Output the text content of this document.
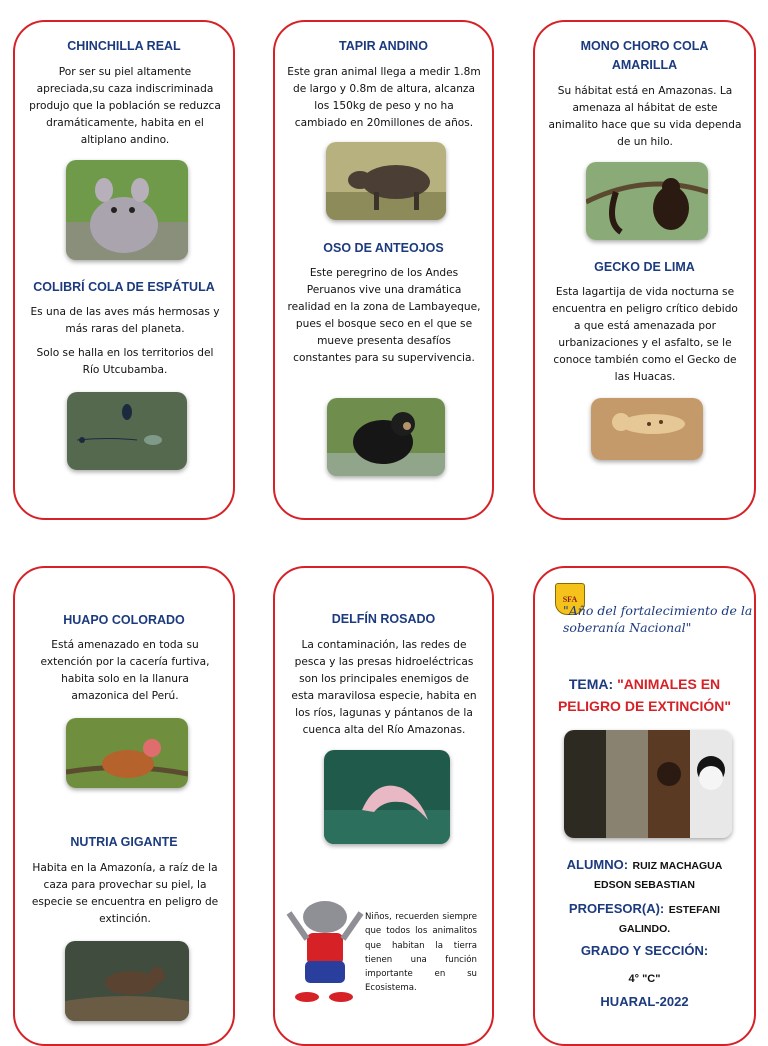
CHINCHILLA REAL
Por ser su piel altamente apreciada,su caza indiscriminada produjo que la población se reduzca dramáticamente, habita en el altiplano andino.
COLIBRÍ COLA DE ESPÁTULA
Es una de las aves más hermosas y más raras del planeta.
Solo se halla en los territorios del Río Utcubamba.
TAPIR ANDINO
Este gran animal llega a medir 1.8m de largo y 0.8m de altura, alcanza los 150kg de peso y no ha cambiado en 20millones de años.
OSO DE ANTEOJOS
Este peregrino de los Andes Peruanos vive una dramática realidad en la zona de Lambayeque, pues el bosque seco en el que se mueve presenta desafíos constantes para su supervivencia.
MONO CHORO COLA AMARILLA
Su hábitat está en Amazonas. La amenaza al hábitat de este animalito hace que su vida dependa de un hilo.
GECKO DE LIMA
Esta lagartija de vida nocturna se encuentra en peligro crítico debido a que está amenazada por urbanizaciones y el asfalto, se le conoce también como el Gecko de las Huacas.
HUAPO COLORADO
Está amenazado en toda su extención por la cacería furtiva, habita solo en la llanura amazonica del Perú.
NUTRIA GIGANTE
Habita en la Amazonía, a raíz de la caza para provechar su piel, la especie se encuentra en peligro de extinción.
DELFÍN ROSADO
La contaminación, las redes de pesca y las presas hidroeléctricas son los principales enemigos de esta maravilosa especie, habita en los ríos, lagunas y pántanos de la cuenca alta del Río Amazonas.
Niños, recuerden siempre que todos los animalitos que habitan la tierra tienen una función importante en su Ecosistema.
SFA
"Año del fortalecimiento de la soberanía Nacional"
TEMA: "ANIMALES EN
PELIGRO DE EXTINCIÓN"
ALUMNO: RUIZ MACHAGUA
EDSON SEBASTIAN
PROFESOR(A): ESTEFANI
GALINDO.
GRADO Y SECCIÓN:
4° "C"
HUARAL-2022
